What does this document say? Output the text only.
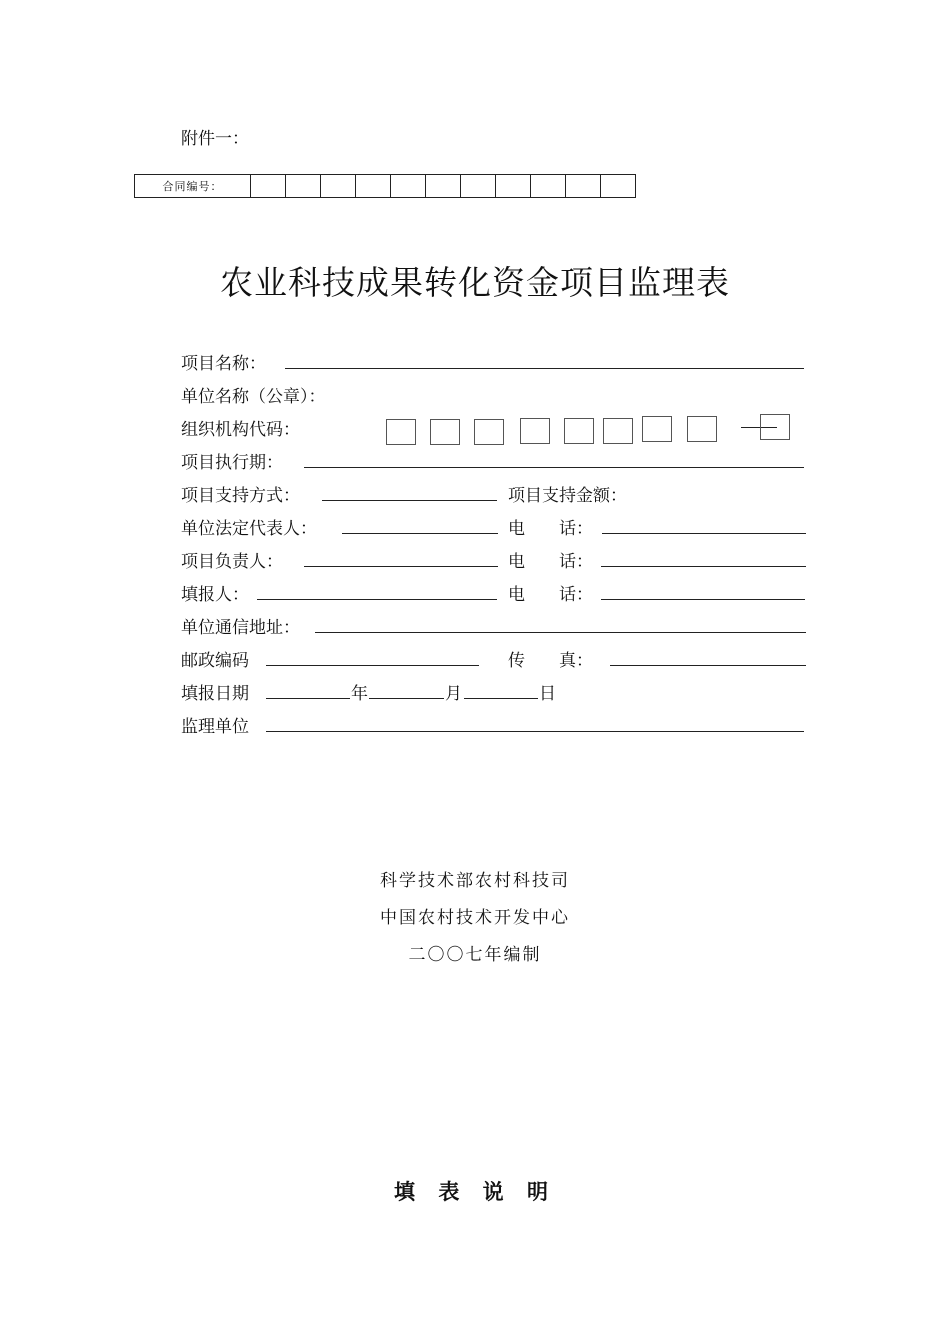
附件一：
合同编号：
农业科技成果转化资金项目监理表
项目名称：
单位名称（公章）：
组织机构代码：
项目执行期：
项目支持方式：	项目支持金额：
单位法定代表人：	电　　话：
项目负责人：	电　　话：
填报人：	电　　话：
单位通信地址：
邮政编码	传　　真：
填报日期	年	月	日
监理单位
科学技术部农村科技司
中国农村技术开发中心
二〇〇七年编制
填 表 说 明
